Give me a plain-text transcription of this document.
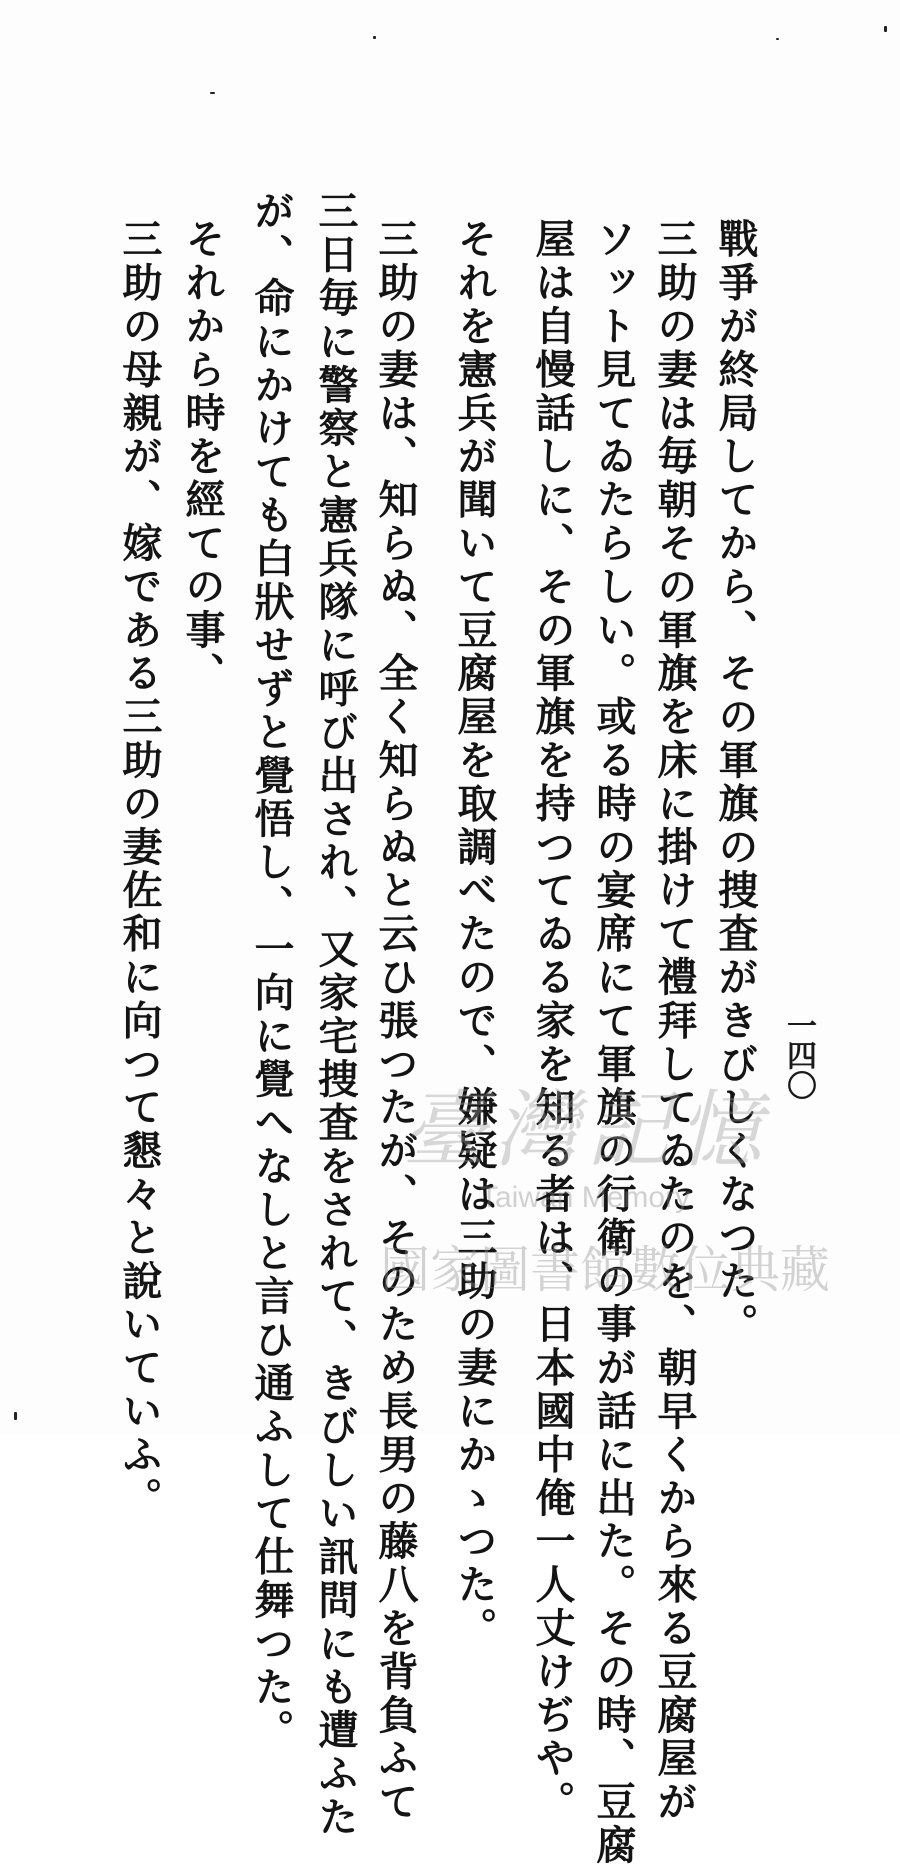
戰爭が終局してから、その軍旗の捜査がきびしくなつた。
三助の妻は毎朝その軍旗を床に掛けて禮拜してゐたのを、朝早くから來る豆腐屋が
ソット見てゐたらしい。或る時の宴席にて軍旗の行衛の事が話に出た。その時、豆腐
屋は自慢話しに、その軍旗を持つてゐる家を知る者は、日本國中俺一人丈けぢや。
それを憲兵が聞いて豆腐屋を取調べたので、嫌疑は三助の妻にかゝつた。
三助の妻は、知らぬ、全く知らぬと云ひ張つたが、そのため長男の藤八を背負ふて
三日毎に警察と憲兵隊に呼び出され、又家宅捜査をされて、きびしい訊問にも遭ふた
が、命にかけても白狀せずと覺悟し、一向に覺へなしと言ひ通ふして仕舞つた。
それから時を經ての事、
三助の母親が、嫁である三助の妻佐和に向つて懇々と說いていふ。	一四〇
臺灣記憶
Taiwan Memory
國家圖書館數位典藏
